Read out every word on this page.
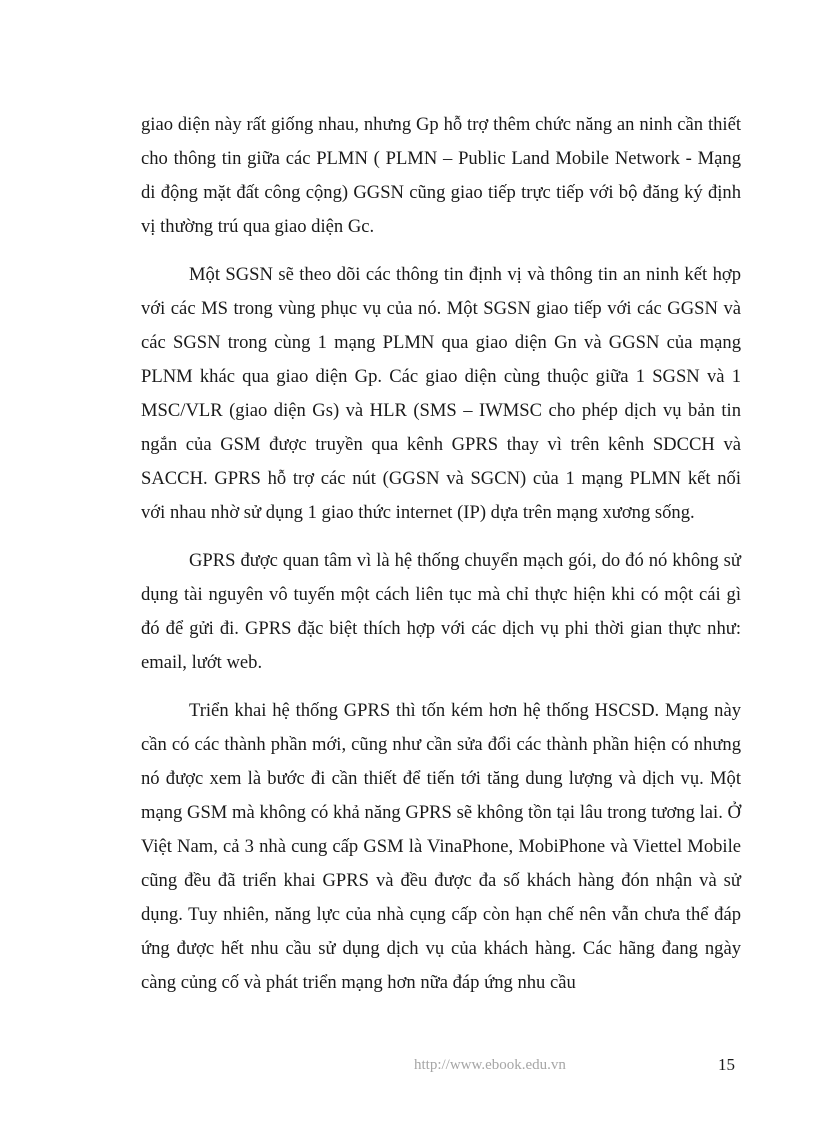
giao diện này rất giống nhau, nhưng Gp hỗ trợ thêm chức năng an ninh cần thiết cho thông tin giữa các PLMN ( PLMN – Public Land Mobile Network - Mạng di động mặt đất công cộng) GGSN cũng giao tiếp trực tiếp với bộ đăng ký định vị thường trú qua giao diện Gc.

Một SGSN sẽ theo dõi các thông tin định vị và thông tin an ninh kết hợp với các MS trong vùng phục vụ của nó. Một SGSN giao tiếp với các GGSN và các SGSN trong cùng 1 mạng PLMN qua giao diện Gn và GGSN của mạng PLNM khác qua giao diện Gp. Các giao diện cùng thuộc giữa 1 SGSN và 1 MSC/VLR (giao diện Gs) và HLR (SMS – IWMSC cho phép dịch vụ bản tin ngắn của GSM được truyền qua kênh GPRS thay vì trên kênh SDCCH và SACCH. GPRS hỗ trợ các nút (GGSN và SGCN) của 1 mạng PLMN kết nối với nhau nhờ sử dụng 1 giao thức internet (IP) dựa trên mạng xương sống.

GPRS được quan tâm vì là hệ thống chuyển mạch gói, do đó nó không sử dụng tài nguyên vô tuyến một cách liên tục mà chỉ thực hiện khi có một cái gì đó để gửi đi. GPRS đặc biệt thích hợp với các dịch vụ phi thời gian thực như: email, lướt web.

Triển khai hệ thống GPRS thì tốn kém hơn hệ thống HSCSD. Mạng này cần có các thành phần mới, cũng như cần sửa đổi các thành phần hiện có nhưng nó được xem là bước đi cần thiết để tiến tới tăng dung lượng và dịch vụ. Một mạng GSM mà không có khả năng GPRS sẽ không tồn tại lâu trong tương lai. Ở Việt Nam, cả 3 nhà cung cấp GSM là VinaPhone, MobiPhone và Viettel Mobile cũng đều đã triển khai GPRS và đều được đa số khách hàng đón nhận và sử dụng. Tuy nhiên, năng lực của nhà cụng cấp còn hạn chế nên vẫn chưa thể đáp ứng được hết nhu cầu sử dụng dịch vụ của khách hàng. Các hãng đang ngày càng củng cố và phát triển mạng hơn nữa đáp ứng nhu cầu

http://www.ebook.edu.vn	15
